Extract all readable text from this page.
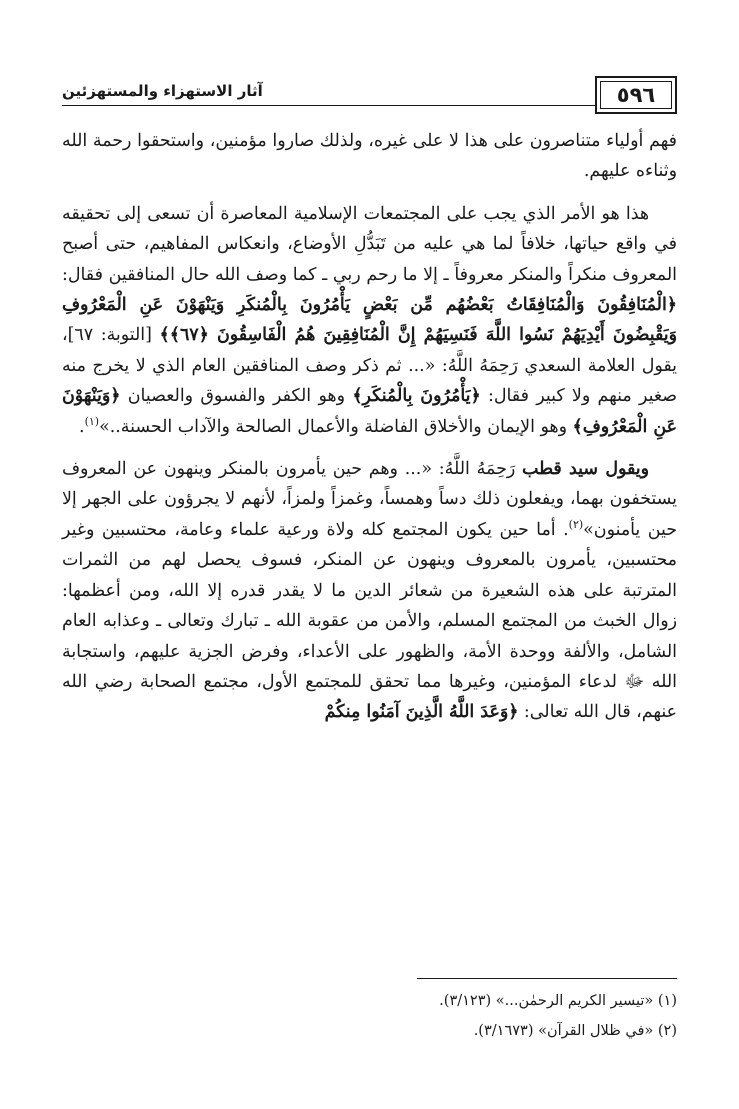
٥٩٦
آثار الاستهزاء والمستهزئين

فهم أولياء متناصرون على هذا لا على غيره، ولذلك صاروا مؤمنين، واستحقوا رحمة الله وثناءه عليهم.

هذا هو الأمر الذي يجب على المجتمعات الإسلامية المعاصرة أن تسعى إلى تحقيقه في واقع حياتها، خلافاً لما هي عليه من تَبَدُّلِ الأوضاع، وانعكاس المفاهيم، حتى أصبح المعروف منكراً والمنكر معروفاً ـ إلا ما رحم ربي ـ كما وصف الله حال المنافقين فقال: ﴿الْمُنَافِقُونَ وَالْمُنَافِقَاتُ بَعْضُهُم مِّن بَعْضٍ يَأْمُرُونَ بِالْمُنكَرِ وَيَنْهَوْنَ عَنِ الْمَعْرُوفِ وَيَقْبِضُونَ أَيْدِيَهُمْ نَسُوا اللَّهَ فَنَسِيَهُمْ إِنَّ الْمُنَافِقِينَ هُمُ الْفَاسِقُونَ ﴿٦٧﴾﴾ [التوبة: ٦٧]، يقول العلامة السعدي رَحِمَهُ اللَّهُ: «... ثم ذكر وصف المنافقين العام الذي لا يخرج منه صغير منهم ولا كبير فقال: ﴿يَأْمُرُونَ بِالْمُنكَرِ﴾ وهو الكفر والفسوق والعصيان ﴿وَيَنْهَوْنَ عَنِ الْمَعْرُوفِ﴾ وهو الإيمان والأخلاق الفاضلة والأعمال الصالحة والآداب الحسنة..»$^{(١)}$.

ويقول سيد قطب رَحِمَهُ اللَّهُ: «... وهم حين يأمرون بالمنكر وينهون عن المعروف يستخفون بهما، ويفعلون ذلك دساً وهمساً، وغمزاً ولمزاً، لأنهم لا يجرؤون على الجهر إلا حين يأمنون»$^{(٢)}$. أما حين يكون المجتمع كله ولاة ورعية علماء وعامة، محتسبين وغير محتسبين، يأمرون بالمعروف وينهون عن المنكر، فسوف يحصل لهم من الثمرات المترتبة على هذه الشعيرة من شعائر الدين ما لا يقدر قدره إلا الله، ومن أعظمها: زوال الخبث من المجتمع المسلم، والأمن من عقوبة الله ـ تبارك وتعالى ـ وعذابه العام الشامل، والألفة ووحدة الأمة، والظهور على الأعداء، وفرض الجزية عليهم، واستجابة الله ﷻ لدعاء المؤمنين، وغيرها مما تحقق للمجتمع الأول، مجتمع الصحابة رضي الله عنهم، قال الله تعالى: ﴿وَعَدَ اللَّهُ الَّذِينَ آمَنُوا مِنكُمْ

(١) «تيسير الكريم الرحمٰن...» (٣/١٢٣).
(٢) «في ظلال القرآن» (٣/١٦٧٣).
